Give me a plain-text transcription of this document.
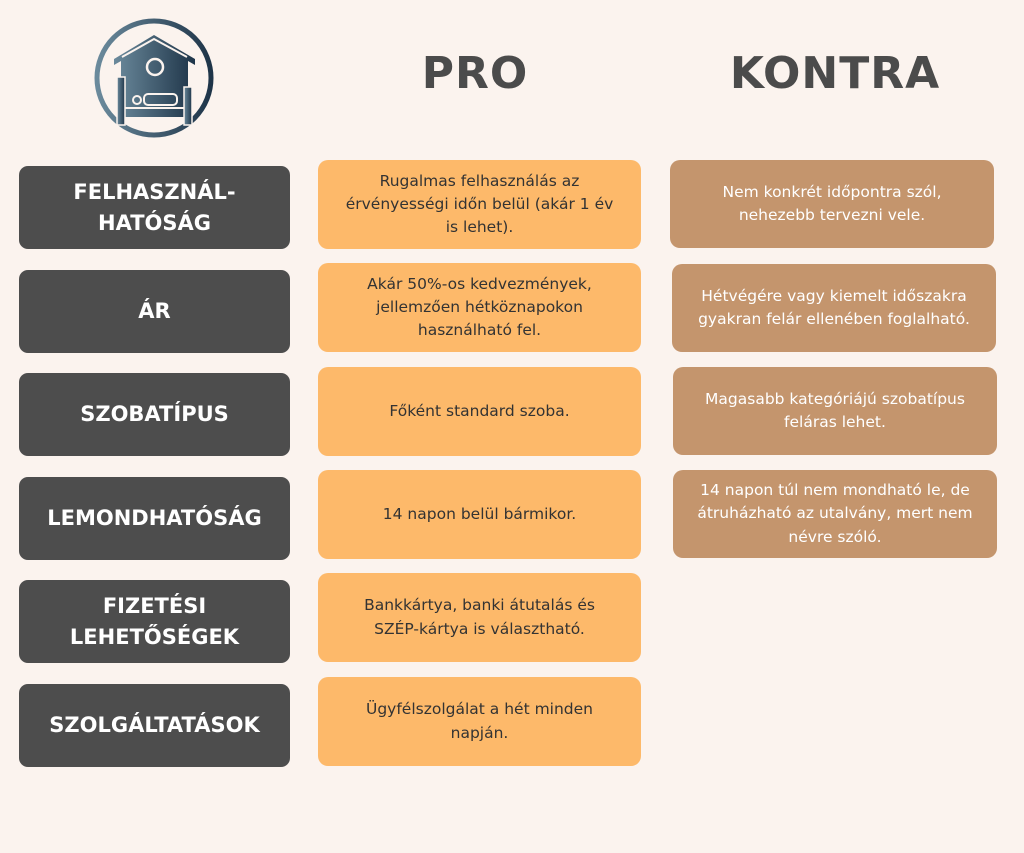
PRO	KONTRA
FELHASZNÁL-
HATÓSÁG
ÁR
SZOBATÍPUS
LEMONDHATÓSÁG
FIZETÉSI
LEHETŐSÉGEK
SZOLGÁLTATÁSOK
Rugalmas felhasználás az érvényességi időn belül (akár 1 év is lehet).
Akár 50%-os kedvezmények, jellemzően hétköznapokon használható fel.
Főként standard szoba.
14 napon belül bármikor.
Bankkártya, banki átutalás és SZÉP-kártya is választható.
Ügyfélszolgálat a hét minden napján.
Nem konkrét időpontra szól, nehezebb tervezni vele.
Hétvégére vagy kiemelt időszakra gyakran felár ellenében foglalható.
Magasabb kategóriájú szobatípus feláras lehet.
14 napon túl nem mondható le, de átruházható az utalvány, mert nem névre szóló.
